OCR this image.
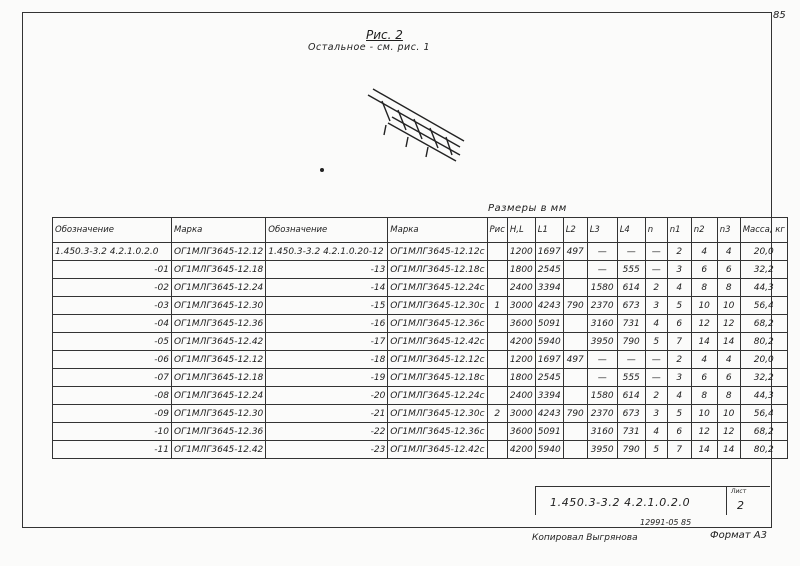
85
Рис. 2
Остальное - см. рис. 1
Размеры в мм
Обозначение	Марка	Обозначение	Марка	Рис	H,L	L1	L2	L3	L4	n	n1	n2	n3	Масса, кг
1.450.3-3.2 4.2.1.0.2.0	ОГ1МЛГ3645-12.12	1.450.3-3.2 4.2.1.0.20-12	ОГ1МЛГ3645-12.12с		1200	1697	497	—	—	—	2	4	4	20,0
-01	ОГ1МЛГ3645-12.18	-13	ОГ1МЛГ3645-12.18с		1800	2545		—	555	—	3	6	6	32,2
-02	ОГ1МЛГ3645-12.24	-14	ОГ1МЛГ3645-12.24с		2400	3394		1580	614	2	4	8	8	44,3
-03	ОГ1МЛГ3645-12.30	-15	ОГ1МЛГ3645-12.30с	1	3000	4243	790	2370	673	3	5	10	10	56,4
-04	ОГ1МЛГ3645-12.36	-16	ОГ1МЛГ3645-12.36с		3600	5091		3160	731	4	6	12	12	68,2
-05	ОГ1МЛГ3645-12.42	-17	ОГ1МЛГ3645-12.42с		4200	5940		3950	790	5	7	14	14	80,2
-06	ОГ1МЛГ3645-12.12	-18	ОГ1МЛГ3645-12.12с		1200	1697	497	—	—	—	2	4	4	20,0
-07	ОГ1МЛГ3645-12.18	-19	ОГ1МЛГ3645-12.18с		1800	2545		—	555	—	3	6	6	32,2
-08	ОГ1МЛГ3645-12.24	-20	ОГ1МЛГ3645-12.24с		2400	3394		1580	614	2	4	8	8	44,3
-09	ОГ1МЛГ3645-12.30	-21	ОГ1МЛГ3645-12.30с	2	3000	4243	790	2370	673	3	5	10	10	56,4
-10	ОГ1МЛГ3645-12.36	-22	ОГ1МЛГ3645-12.36с		3600	5091		3160	731	4	6	12	12	68,2
-11	ОГ1МЛГ3645-12.42	-23	ОГ1МЛГ3645-12.42с		4200	5940		3950	790	5	7	14	14	80,2
1.450.3-3.2 4.2.1.0.2.0
Лист
2
12991-05 85
Копировал Выгрянова	Формат А3
